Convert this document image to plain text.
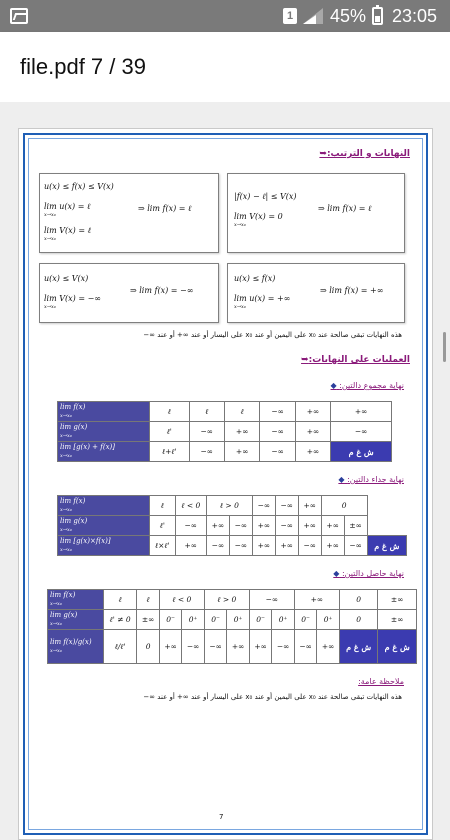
1 45% 23:05
file.pdf 7 / 39
النهايات و الترتيب:➥
u(x) ≤ f(x) ≤ V(x)
lim u(x) = ℓ
lim V(x) = ℓ
x→x₀
x→x₀
⇒ lim f(x) = ℓ
|f(x) − ℓ| ≤ V(x)
lim V(x) = 0
x→x₀
⇒ lim f(x) = ℓ
u(x) ≤ V(x)
lim V(x) = −∞
x→x₀
⇒ lim f(x) = −∞
u(x) ≤ f(x)
lim u(x) = +∞
x→x₀
⇒ lim f(x) = +∞
هذه النهايات تبقى صالحة عند x₀ على اليمين أو عند x₀ على اليسار أو عند ∞+ أو عند ∞−
العمليات على النهايات:➥
نهاية مجموع دالتين: ◆
lim f(x)
x→x₀	ℓ	ℓ	ℓ	−∞	+∞	+∞
lim g(x)
x→x₀	ℓ'	−∞	+∞	−∞	+∞	−∞
lim [g(x) + f(x)]
x→x₀	ℓ+ℓ'	−∞	+∞	−∞	+∞	ش غ م
نهاية جداء دالتين: ◆
lim f(x)
x→x₀	ℓ	ℓ < 0	ℓ > 0		−∞	−∞	+∞	0		
lim g(x)
x→x₀	ℓ'	−∞	+∞	−∞	+∞	−∞	+∞	+∞	±∞	
lim [g(x)×f(x)]
x→x₀	ℓ×ℓ'	+∞	−∞	−∞	+∞	+∞	−∞	+∞	−∞	ش غ م
نهاية حاصل دالتين: ◆
lim f(x)
x→x₀	ℓ	ℓ	ℓ < 0		ℓ > 0		−∞		+∞		0	±∞
lim g(x)
x→x₀	ℓ' ≠ 0	±∞	0⁻	0⁺	0⁻	0⁺	0⁻	0⁺	0⁻	0⁺	0	±∞
lim f(x)/g(x)
x→x₀	ℓ/ℓ'	0	+∞	−∞	−∞	+∞	+∞	−∞	−∞	+∞	ش غ م	ش غ م
ملاحظة عامة:
هذه النهايات تبقى صالحة عند x₀ على اليمين أو عند x₀ على اليسار أو عند ∞+ أو عند ∞−
7
